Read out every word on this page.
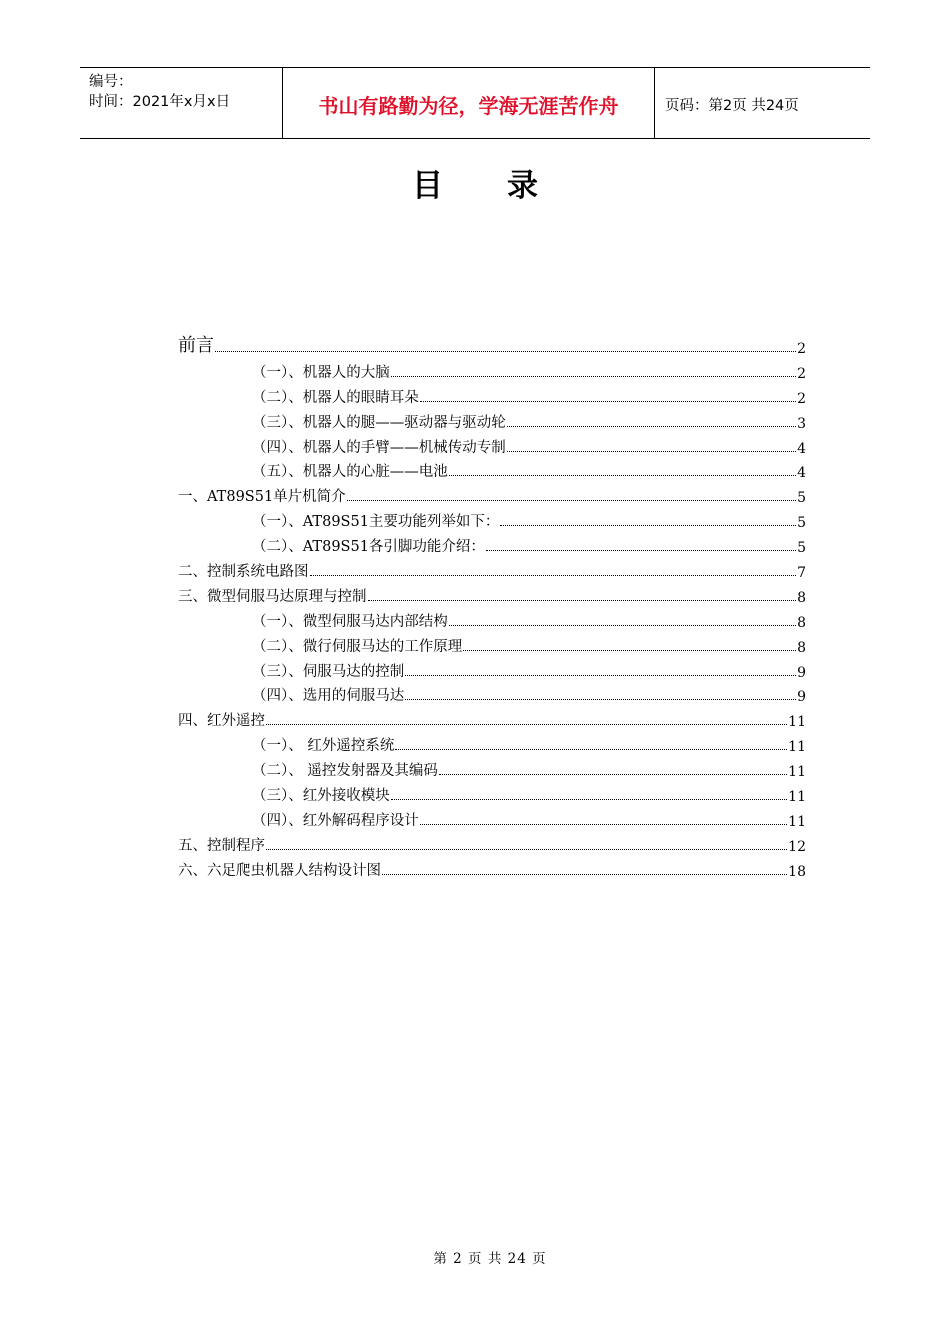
编号：
时间：2021年x月x日	书山有路勤为径，学海无涯苦作舟	页码：第2页 共24页
目录
前言	2
（一）、机器人的大脑	2
（二）、机器人的眼睛耳朵	2
（三）、机器人的腿——驱动器与驱动轮	3
（四）、机器人的手臂——机械传动专制	4
（五）、机器人的心脏——电池	4
一、AT89S51单片机简介	5
（一）、AT89S51主要功能列举如下：	5
（二）、AT89S51各引脚功能介绍：	5
二、控制系统电路图	7
三、微型伺服马达原理与控制	8
（一）、微型伺服马达内部结构	8
（二）、微行伺服马达的工作原理	8
（三）、伺服马达的控制	9
（四）、选用的伺服马达	9
四、红外遥控	11
（一）、 红外遥控系统	11
（二）、 遥控发射器及其编码	11
（三）、红外接收模块	11
（四）、红外解码程序设计	11
五、控制程序	12
六、六足爬虫机器人结构设计图	18
第 2 页 共 24 页
